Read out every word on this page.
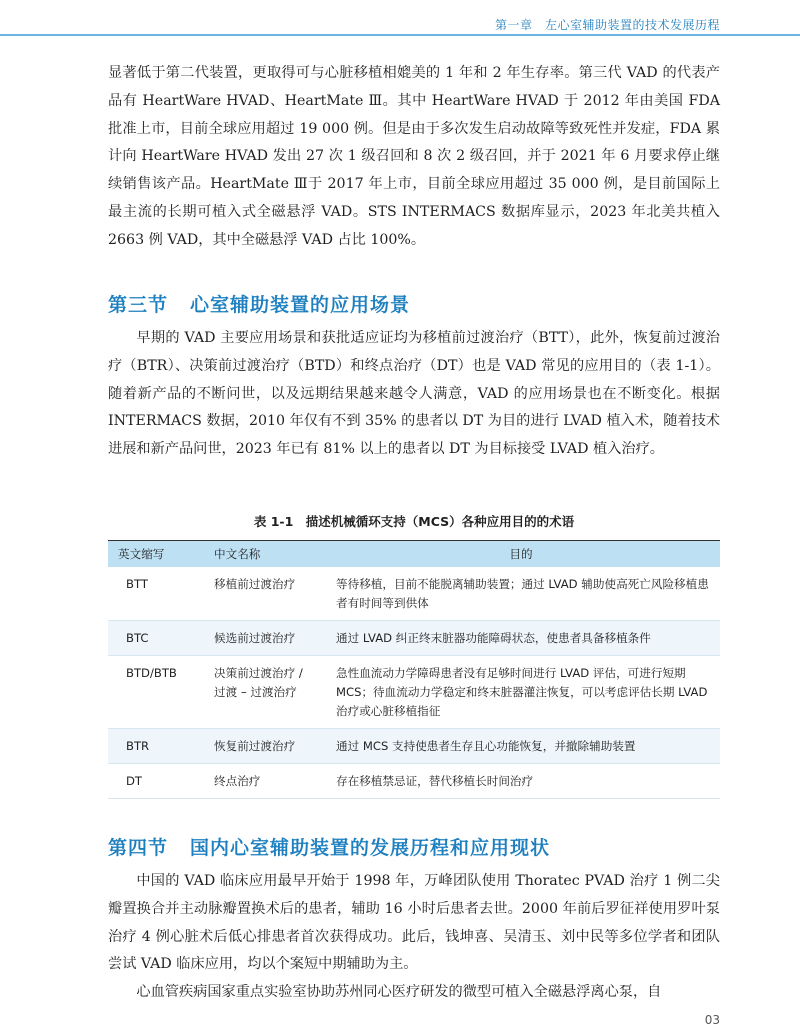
第一章　左心室辅助装置的技术发展历程

显著低于第二代装置，更取得可与心脏移植相媲美的 1 年和 2 年生存率。第三代 VAD 的代表产品有 HeartWare HVAD、HeartMate Ⅲ。其中 HeartWare HVAD 于 2012 年由美国 FDA 批准上市，目前全球应用超过 19 000 例。但是由于多次发生启动故障等致死性并发症，FDA 累计向 HeartWare HVAD 发出 27 次 1 级召回和 8 次 2 级召回，并于 2021 年 6 月要求停止继续销售该产品。HeartMate Ⅲ于 2017 年上市，目前全球应用超过 35 000 例，是目前国际上最主流的长期可植入式全磁悬浮 VAD。STS INTERMACS 数据库显示，2023 年北美共植入 2663 例 VAD，其中全磁悬浮 VAD 占比 100%。

第三节 心室辅助装置的应用场景

早期的 VAD 主要应用场景和获批适应证均为移植前过渡治疗（BTT），此外，恢复前过渡治疗（BTR）、决策前过渡治疗（BTD）和终点治疗（DT）也是 VAD 常见的应用目的（表 1-1）。随着新产品的不断问世，以及远期结果越来越令人满意，VAD 的应用场景也在不断变化。根据 INTERMACS 数据，2010 年仅有不到 35% 的患者以 DT 为目的进行 LVAD 植入术，随着技术进展和新产品问世，2023 年已有 81% 以上的患者以 DT 为目标接受 LVAD 植入治疗。

表 1-1　描述机械循环支持（MCS）各种应用目的的术语
英文缩写	中文名称	目的
BTT	移植前过渡治疗	等待移植，目前不能脱离辅助装置；通过 LVAD 辅助使高死亡风险移植患者有时间等到供体
BTC	候选前过渡治疗	通过 LVAD 纠正终末脏器功能障碍状态，使患者具备移植条件
BTD/BTB	决策前过渡治疗 / 过渡 – 过渡治疗	急性血流动力学障碍患者没有足够时间进行 LVAD 评估，可进行短期 MCS；待血流动力学稳定和终末脏器灌注恢复，可以考虑评估长期 LVAD 治疗或心脏移植指征
BTR	恢复前过渡治疗	通过 MCS 支持使患者生存且心功能恢复，并撤除辅助装置
DT	终点治疗	存在移植禁忌证，替代移植长时间治疗
第四节 国内心室辅助装置的发展历程和应用现状

中国的 VAD 临床应用最早开始于 1998 年，万峰团队使用 Thoratec PVAD 治疗 1 例二尖瓣置换合并主动脉瓣置换术后的患者，辅助 16 小时后患者去世。2000 年前后罗征祥使用罗叶泵治疗 4 例心脏术后低心排患者首次获得成功。此后，钱坤喜、吴清玉、刘中民等多位学者和团队尝试 VAD 临床应用，均以个案短中期辅助为主。

心血管疾病国家重点实验室协助苏州同心医疗研发的微型可植入全磁悬浮离心泵，自

03
